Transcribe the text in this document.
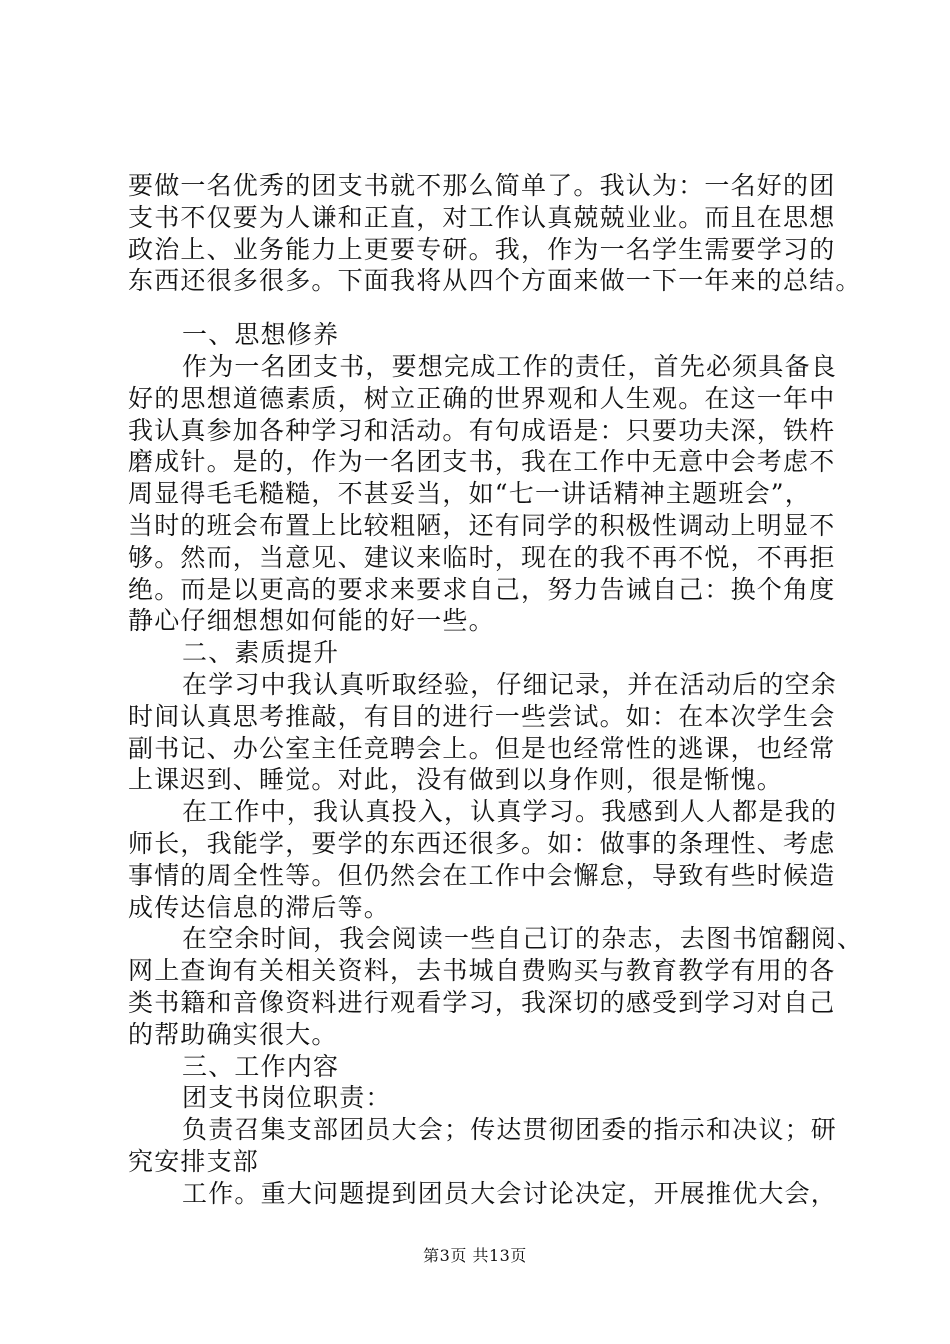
要做一名优秀的团支书就不那么简单了。我认为：一名好的团
支书不仅要为人谦和正直，对工作认真兢兢业业。而且在思想
政治上、业务能力上更要专研。我，作为一名学生需要学习的
东西还很多很多。下面我将从四个方面来做一下一年来的总结。
一、思想修养
作为一名团支书，要想完成工作的责任，首先必须具备良
好的思想道德素质，树立正确的世界观和人生观。在这一年中
我认真参加各种学习和活动。有句成语是：只要功夫深，铁杵
磨成针。是的，作为一名团支书，我在工作中无意中会考虑不
周显得毛毛糙糙，不甚妥当，如“七一讲话精神主题班会”，
当时的班会布置上比较粗陋，还有同学的积极性调动上明显不
够。然而，当意见、建议来临时，现在的我不再不悦，不再拒
绝。而是以更高的要求来要求自己，努力告诫自己：换个角度
静心仔细想想如何能的好一些。
二、素质提升
在学习中我认真听取经验，仔细记录，并在活动后的空余
时间认真思考推敲，有目的进行一些尝试。如：在本次学生会
副书记、办公室主任竞聘会上。但是也经常性的逃课，也经常
上课迟到、睡觉。对此，没有做到以身作则，很是惭愧。
在工作中，我认真投入，认真学习。我感到人人都是我的
师长，我能学，要学的东西还很多。如：做事的条理性、考虑
事情的周全性等。但仍然会在工作中会懈怠，导致有些时候造
成传达信息的滞后等。
在空余时间，我会阅读一些自己订的杂志，去图书馆翻阅、
网上查询有关相关资料，去书城自费购买与教育教学有用的各
类书籍和音像资料进行观看学习，我深切的感受到学习对自己
的帮助确实很大。
三、工作内容
团支书岗位职责：
负责召集支部团员大会；传达贯彻团委的指示和决议；研
究安排支部
工作。重大问题提到团员大会讨论决定，开展推优大会，
第3页 共13页
